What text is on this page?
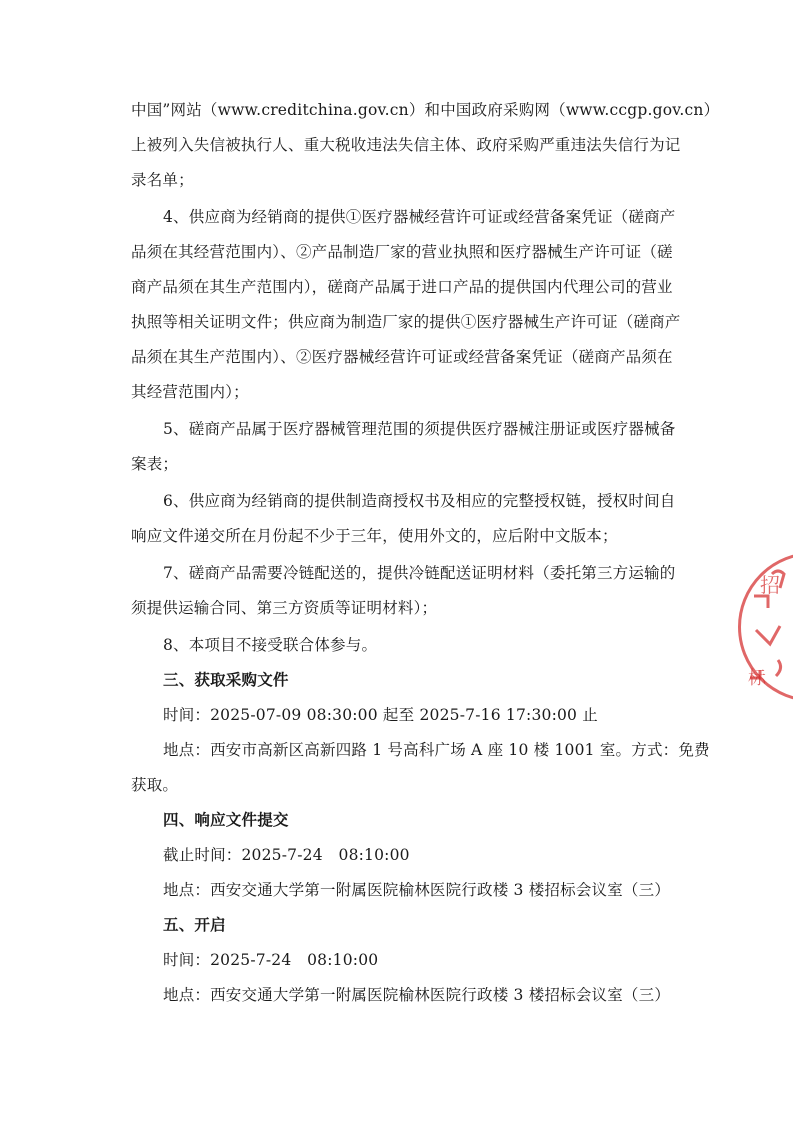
中国”网站（www.creditchina.gov.cn）和中国政府采购网（www.ccgp.gov.cn）
上被列入失信被执行人、重大税收违法失信主体、政府采购严重违法失信行为记
录名单；
4、供应商为经销商的提供①医疗器械经营许可证或经营备案凭证（磋商产
品须在其经营范围内）、②产品制造厂家的营业执照和医疗器械生产许可证（磋
商产品须在其生产范围内），磋商产品属于进口产品的提供国内代理公司的营业
执照等相关证明文件；供应商为制造厂家的提供①医疗器械生产许可证（磋商产
品须在其生产范围内）、②医疗器械经营许可证或经营备案凭证（磋商产品须在
其经营范围内）；
5、磋商产品属于医疗器械管理范围的须提供医疗器械注册证或医疗器械备
案表；
6、供应商为经销商的提供制造商授权书及相应的完整授权链，授权时间自
响应文件递交所在月份起不少于三年，使用外文的，应后附中文版本；
7、磋商产品需要冷链配送的，提供冷链配送证明材料（委托第三方运输的
须提供运输合同、第三方资质等证明材料）；
8、本项目不接受联合体参与。
三、获取采购文件
时间：2025-07-09 08:30:00 起至 2025-7-16 17:30:00 止
地点：西安市高新区高新四路 1 号高科广场 A 座 10 楼 1001 室。方式：免费
获取。
四、响应文件提交
截止时间：2025-7-24　08:10:00
地点：西安交通大学第一附属医院榆林医院行政楼 3 楼招标会议室（三）
五、开启
时间：2025-7-24　08:10:00
地点：西安交通大学第一附属医院榆林医院行政楼 3 楼招标会议室（三）
招
标
